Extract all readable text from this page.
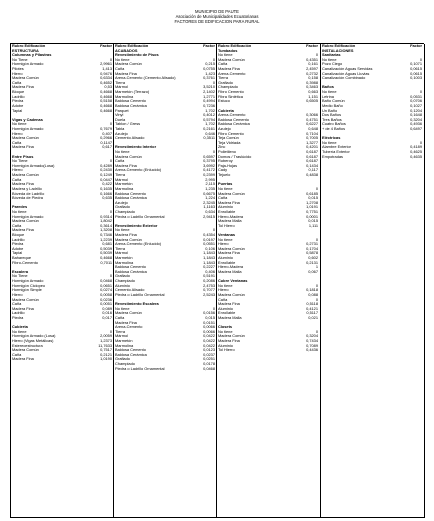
MUNICIPIO DE PAUTE
Asociación de Municipalidades Ecuatorianas
FACTORES DE EDIFICACION PARA RURAL
Rubro Edificación	Factor
ESTRUCTURA
Columnas y Pilastras
No Tiene	0
Hormigón Armado	2,9961
Pilotes	1,413
Hierro	0,9476
Madera Común	0,6334
Caña	0,4652
Madera Fina	0,53
Bloque	0,4668
Ladrillo	0,4668
Piedra	0,5158
Adobe	0,4668
Tapial	0,4668
Vigas y Cadenas
No tiene	0
Hormigón Armado	0,7679
Hierro	0,407
Madera Común	0,2966
Caña	0,1147
Madera Fina	0,617
Entre Pisos
No Tiene	0
Hormigón Armado(Losa)	0,4289
Hierro	0,2430
Madera Común	0,1249
Caña	0,0447
Madera Fina	0,422
Madera y Ladrillo	0,1635
Bóveda de Ladrillo	0,1666
Bóveda de Piedra	0,635
Paredes
No tiene	0
Hormigón Armado	0,9314
Madera Común	1,8042
Caña	0,3614
Madera Fina	1,3208
Bloque	0,7346
Ladrillo	1,2239
Piedra	0,681
Adobe	0,5039
Tapial	0,5039
Bahareque	0,4668
Fibro-Cemento	0,7011
Escalera
No Tiene	0
Hormigón Armado	0,0468
Hormigón Ciclopeo	0,0651
Hormigón Simple	0,0274
Hierro	0,0058
Madera Común	0,0236
Caña	0,0051
Madera Fina	0,089
Ladrillo	0,016
Piedra	0,017
Cubierta
No tiene	0
Hormigón Armado (Losa)	2,0059
Hierro (Vigas Metálicas)	1,2373
Estereoestructura	11,7633
Madera Común	0,7517
Caña	0,2121
Madera Fina	1,0190
Rubro Edificación	Factor
ACABADOS
Revestimiento de Pisos
No tiene	0
Madera Común	0,215
Caña	0,0755
Madera Fina	1,423
Arena-Cemento (Cemento Alisado)	0,3761
Tierra	0
Mármol	3,5210
Marmetón (Terrazo)	2,1402
Marmolina	1,2771
Baldosa Cemento	0,4994
Baldosa Cerámica	0,7236
Parquet	1,702
Vinyl	0,4012
Duela	0,5794
Tablon / Gress	1,702
Tabla	0,2161
Azulejo	0,646
Cemento Alisado	0,3511
Revestimiento Interior
No tiene	0
Madera Común	0,6597
Caña	0,3795
Madera Fina	3,6992
Arena-Cemento (Enlucido)	0,4172
Tierra	0,2399
Mármol	2,995
Marmetón	2,115
Marmolina	1,235
Baldosa Cemento	0,6675
Baldosa Cerámica	1,224
Azulejo	2,3245
Grafiado	1,1163
Champiado	0,634
Piedra o Ladrillo Ornamental	2,9415
Revestimiento Exterior
No tiene	0
Madera Fina	0,4354
Madera Común	0,0197
Arena-Cemento (Enlucido)	0,0551
Tierra	0,106
Mármol	1,1843
Marmetón	1,1843
Marmolina	1,1843
Baldosa Cemento	0,2227
Baldosa Cerámica	0,406
Grafiado	0,5191
Champiado	0,2086
Aluminio	2,4753
Cemento Alisado	0,7077
Piedra o Ladrillo Ornamental	2,5243
Revestimiento Escalera
No tiene	0
Madera Común	0,0156
Caña	0,015
Madera Fina	0,0151
Arena-Cemento	0,0066
Tierra	0,0066
Mármol	0,0422
Marmetón	0,0422
Marmolina	0,0422
Baldosa Cemento	0,0123
Baldosa Cerámica	0,0237
Grafiado	0,0251
Champiado	0,0178
Piedra o Ladrillo Ornamental	0,0468
Rubro Edificación	Factor
Tumbados
No tiene	0
Madera Común	0,4351
Caña	0,161
Madera Fina	2,4597
Arena-Cemento	0,2732
Tierra	0,158
Grafiado	0,3988
Champiado	0,3463
Fibro Cemento	0,663
Fibra Sintética	1,151
Estuco	0,6505
Cubierta
Arena-Cemento	0,3066
Baldosa Cemento	0,4751
Baldosa Cerámica	0,6227
Azulejo	0,648
Fibro Cemento	0,7104
Teja Común	0,7005
Teja Vidriada	1,3277
Zinc	0,4201
Polietileno	0,6187
Domos / Traslúcido	0,6187
Ruberoy	0,6187
Paja-Hojas	0,1434
Cady	0,117
Tejuelo	0,4838
Puertas
No tiene	0
Madera Común	0,6185
Caña	0,015
Madera Fina	1,2708
Aluminio	1,0191
Enrollable	0,7751
Hierro-Madera	0,0001
Madera Malla	0,015
Tol Hierro	1,111
Ventanas
No tiene	0
Hierro	0,2731
Madera Común	0,1704
Madera Fina	0,5878
Aluminio	0,602
Enrollable	0,2131
Hierro-Madera	1
Madera Malla	0,067
Cubre Ventanas
No tiene	0
Hierro	0,1818
Madera Común	0,088
Caña	0
Madera Fina	0,5118
Aluminio	0,4121
Enrollable	0,5117
Madera Malla	0,021
Closets
No tiene	0
Madera Común	0,3204
Madera Fina	0,7434
Aluminio	0,7089
Tol Hierro	0,4436
Rubro Edificación	Factor
INSTALACIONES
Sanitarias
No tiene	0
Pozo Ciego	0,1071
Canalización Aguas Servidas	0,0615
Canalización Aguas Lluvias	0,0615
Canalización Combinado	0,1003
Baños
No tiene	0
Letrina	0,0531
Baño Común	0,0706
Medio Baño	0,1027
Un Baño	0,1204
Dos Baños	0,1648
Tres Baños	0,3204
Cuatro Baños	0,4936
+ de 4 Baños	0,6497
Eléctricas
No tiene	0
Alambre Exterior	0,4189
Tubería Exterior	0,4625
Empotradas	0,4635
